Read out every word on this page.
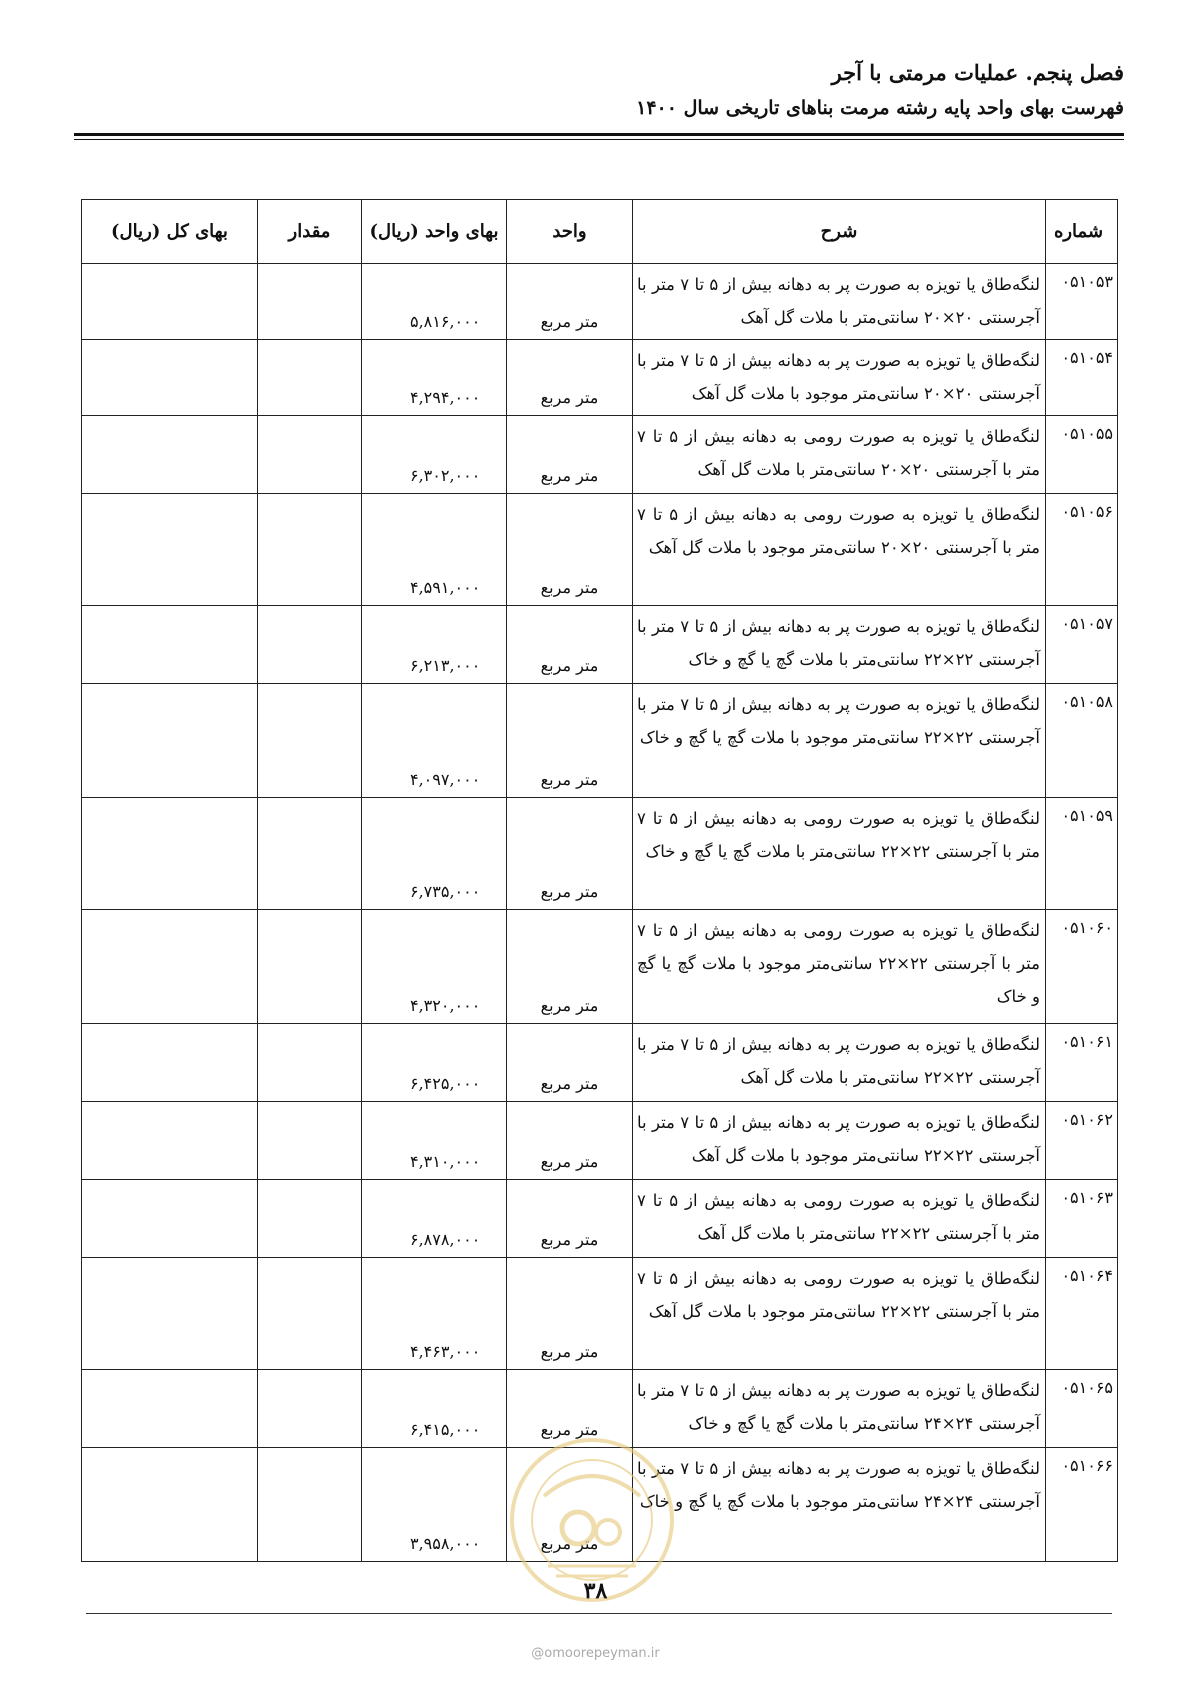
فصل پنجم. عملیات مرمتی با آجر
فهرست بهای واحد پایه رشته مرمت بناهای تاریخی سال ۱۴۰۰
شماره	شرح	واحد	بهای واحد (ریال)	مقدار	بهای کل (ریال)
۰۵۱۰۵۳	لنگه‌طاق یا تویزه به صورت پر به دهانه بیش از ۵ تا ۷ متر با آجرسنتی ۲۰×۲۰ سانتی‌متر با ملات گل آهک	متر مربع	۵,۸۱۶,۰۰۰		
۰۵۱۰۵۴	لنگه‌طاق یا تویزه به صورت پر به دهانه بیش از ۵ تا ۷ متر با آجرسنتی ۲۰×۲۰ سانتی‌متر موجود با ملات گل آهک	متر مربع	۴,۲۹۴,۰۰۰		
۰۵۱۰۵۵	لنگه‌طاق یا تویزه به صورت رومی به دهانه بیش از ۵ تا ۷ متر با آجرسنتی ۲۰×۲۰ سانتی‌متر با ملات گل آهک	متر مربع	۶,۳۰۲,۰۰۰		
۰۵۱۰۵۶	لنگه‌طاق یا تویزه به صورت رومی به دهانه بیش از ۵ تا ۷ متر با آجرسنتی ۲۰×۲۰ سانتی‌متر موجود با ملات گل آهک	متر مربع	۴,۵۹۱,۰۰۰		
۰۵۱۰۵۷	لنگه‌طاق یا تویزه به صورت پر به دهانه بیش از ۵ تا ۷ متر با آجرسنتی ۲۲×۲۲ سانتی‌متر با ملات گچ یا گچ و خاک	متر مربع	۶,۲۱۳,۰۰۰		
۰۵۱۰۵۸	لنگه‌طاق یا تویزه به صورت پر به دهانه بیش از ۵ تا ۷ متر با آجرسنتی ۲۲×۲۲ سانتی‌متر موجود با ملات گچ یا گچ و خاک	متر مربع	۴,۰۹۷,۰۰۰		
۰۵۱۰۵۹	لنگه‌طاق یا تویزه به صورت رومی به دهانه بیش از ۵ تا ۷ متر با آجرسنتی ۲۲×۲۲ سانتی‌متر با ملات گچ یا گچ و خاک	متر مربع	۶,۷۳۵,۰۰۰		
۰۵۱۰۶۰	لنگه‌طاق یا تویزه به صورت رومی به دهانه بیش از ۵ تا ۷ متر با آجرسنتی ۲۲×۲۲ سانتی‌متر موجود با ملات گچ یا گچ و خاک	متر مربع	۴,۳۲۰,۰۰۰		
۰۵۱۰۶۱	لنگه‌طاق یا تویزه به صورت پر به دهانه بیش از ۵ تا ۷ متر با آجرسنتی ۲۲×۲۲ سانتی‌متر با ملات گل آهک	متر مربع	۶,۴۲۵,۰۰۰		
۰۵۱۰۶۲	لنگه‌طاق یا تویزه به صورت پر به دهانه بیش از ۵ تا ۷ متر با آجرسنتی ۲۲×۲۲ سانتی‌متر موجود با ملات گل آهک	متر مربع	۴,۳۱۰,۰۰۰		
۰۵۱۰۶۳	لنگه‌طاق یا تویزه به صورت رومی به دهانه بیش از ۵ تا ۷ متر با آجرسنتی ۲۲×۲۲ سانتی‌متر با ملات گل آهک	متر مربع	۶,۸۷۸,۰۰۰		
۰۵۱۰۶۴	لنگه‌طاق یا تویزه به صورت رومی به دهانه بیش از ۵ تا ۷ متر با آجرسنتی ۲۲×۲۲ سانتی‌متر موجود با ملات گل آهک	متر مربع	۴,۴۶۳,۰۰۰		
۰۵۱۰۶۵	لنگه‌طاق یا تویزه به صورت پر به دهانه بیش از ۵ تا ۷ متر با آجرسنتی ۲۴×۲۴ سانتی‌متر با ملات گچ یا گچ و خاک	متر مربع	۶,۴۱۵,۰۰۰		
۰۵۱۰۶۶	لنگه‌طاق یا تویزه به صورت پر به دهانه بیش از ۵ تا ۷ متر با آجرسنتی ۲۴×۲۴ سانتی‌متر موجود با ملات گچ یا گچ و خاک	متر مربع	۳,۹۵۸,۰۰۰		
۳۸
@omoorepeyman.ir
